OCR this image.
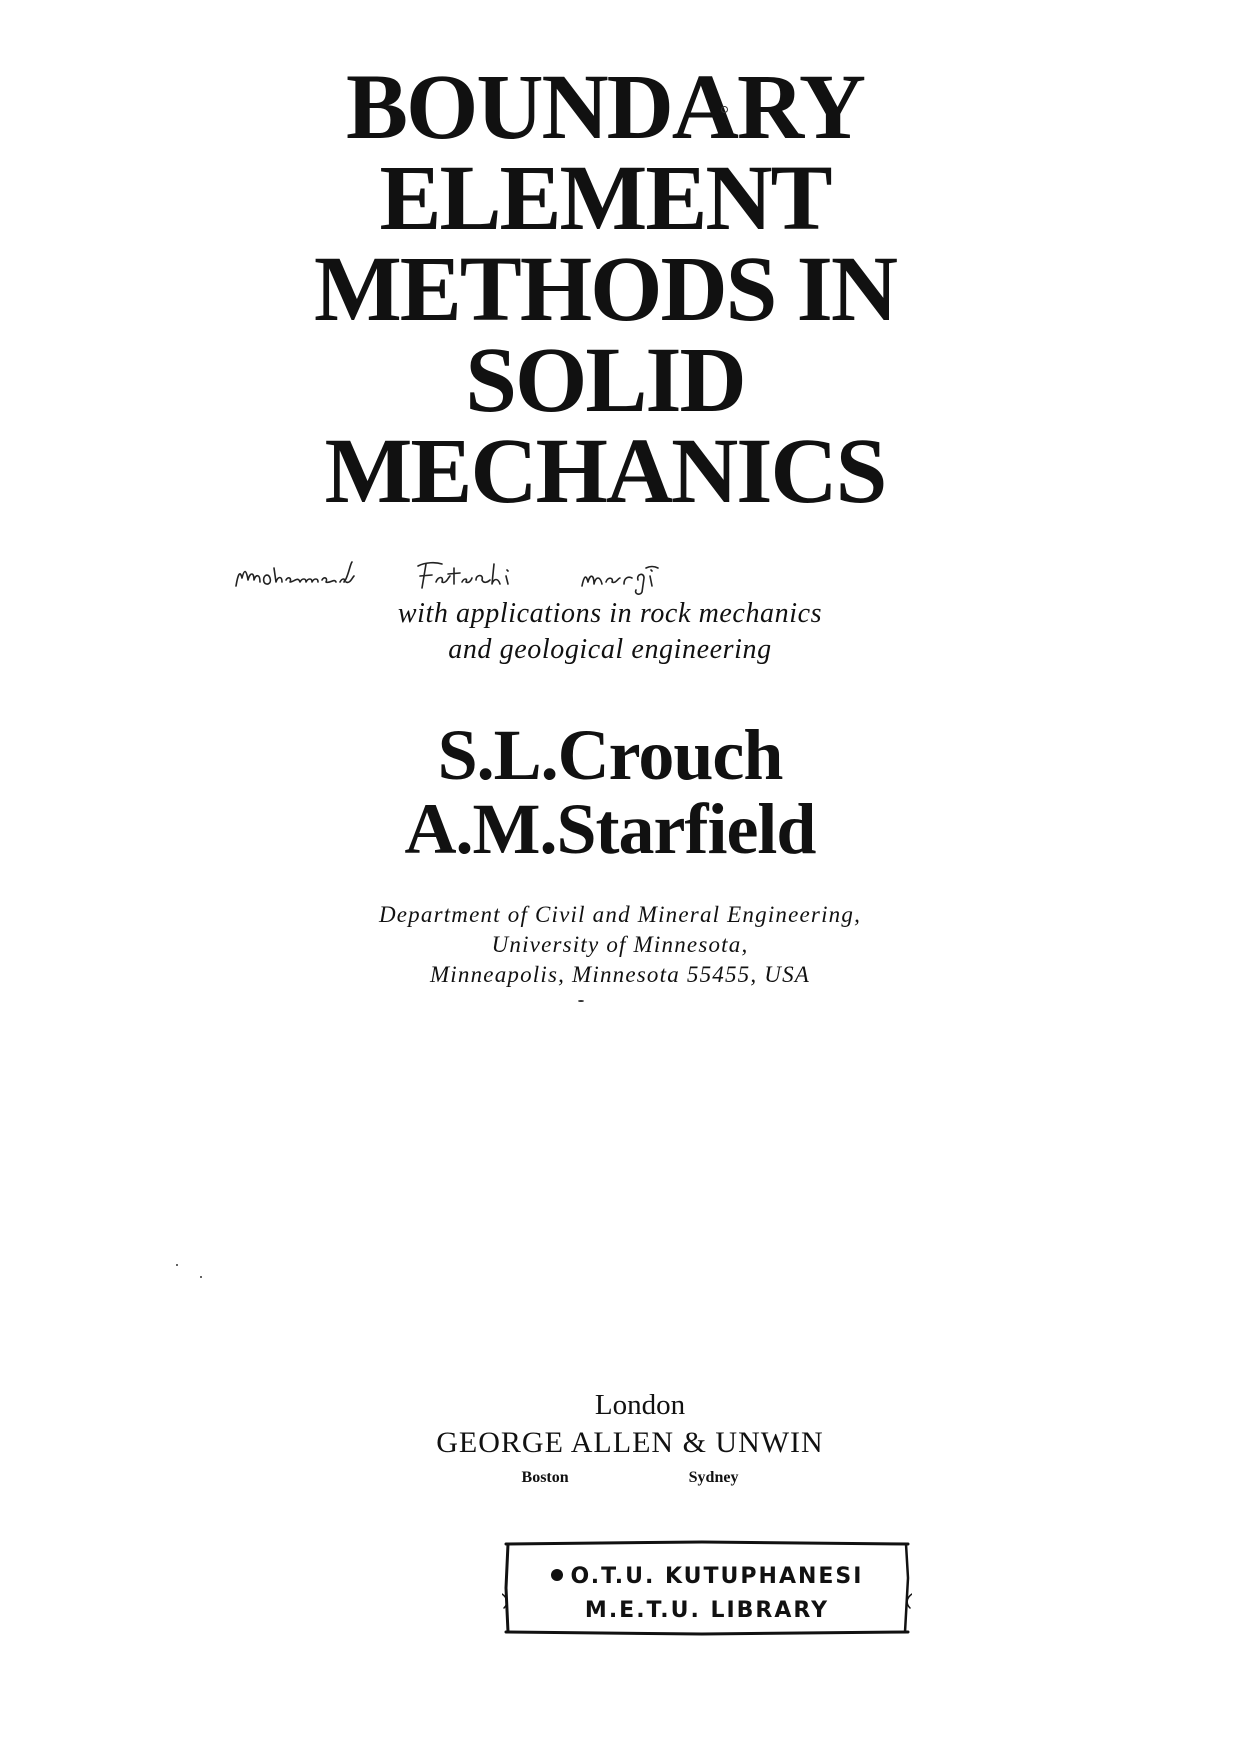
BOUNDARY
ELEMENT
METHODS IN
SOLID
MECHANICS
with applications in rock mechanics
and geological engineering
S.L.Crouch
A.M.Starfield
Department of Civil and Mineral Engineering,
University of Minnesota,
Minneapolis, Minnesota 55455, USA
London
GEORGE ALLEN & UNWIN
Boston	Sydney
O.T.U. KUTUPHANESI
M.E.T.U. LIBRARY
